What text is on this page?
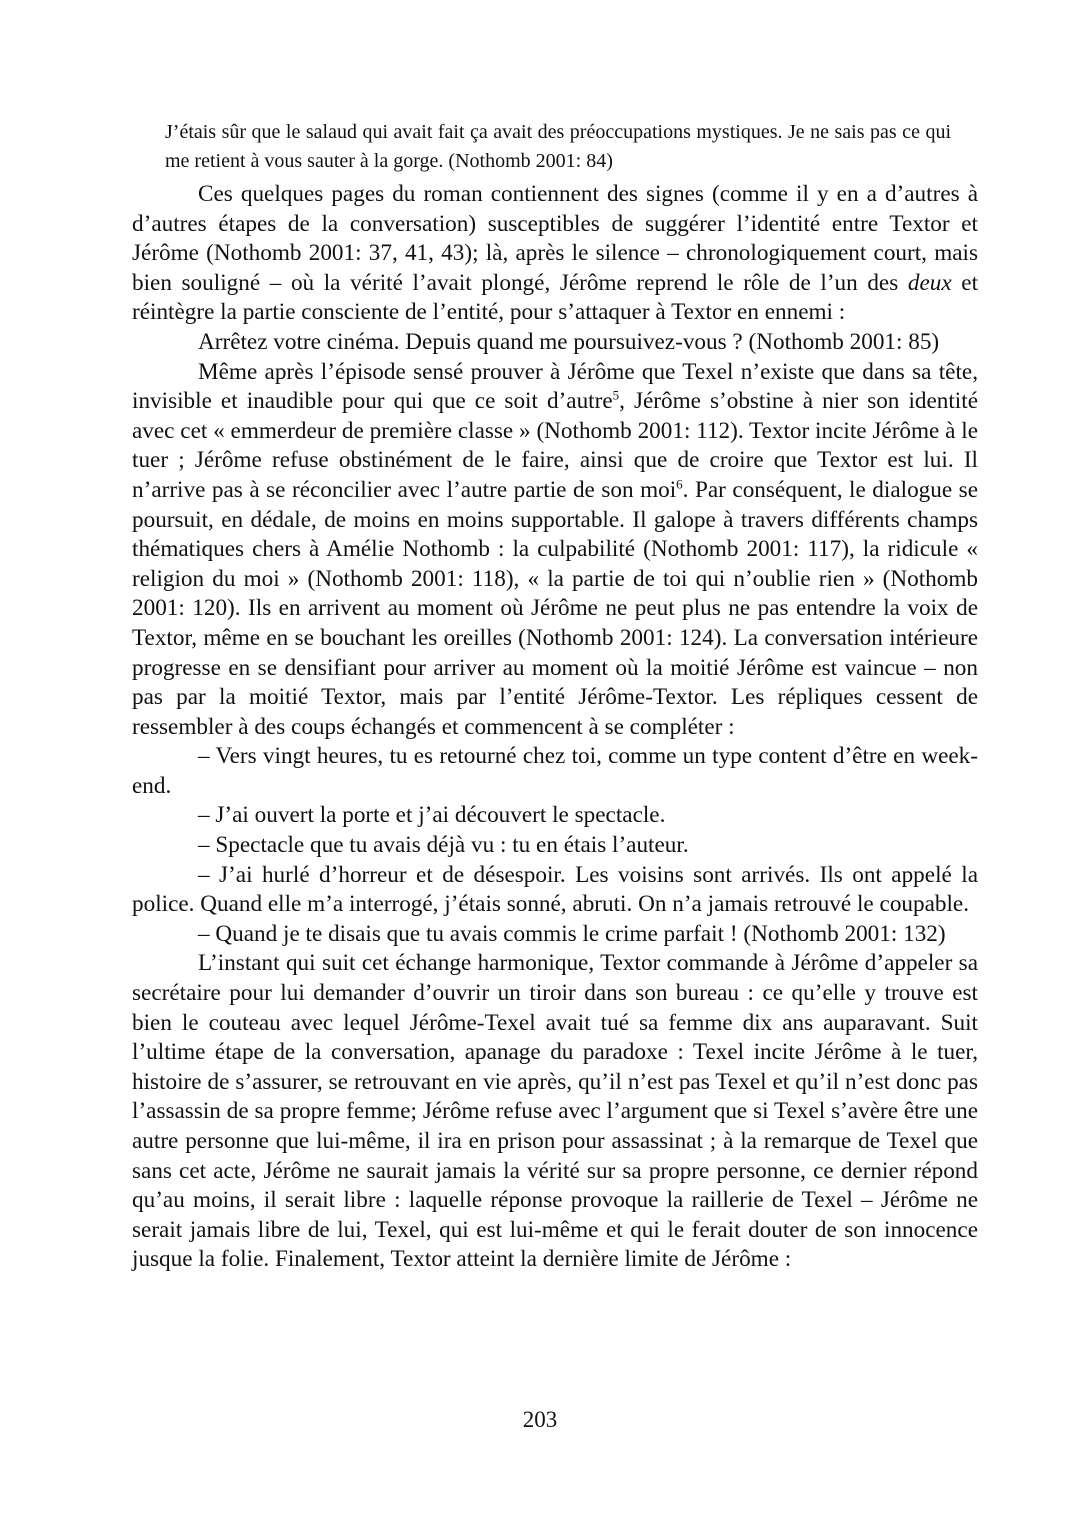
J’étais sûr que le salaud qui avait fait ça avait des préoccupations mystiques. Je ne sais pas ce qui me retient à vous sauter à la gorge. (Nothomb 2001: 84)

Ces quelques pages du roman contiennent des signes (comme il y en a d’autres à d’autres étapes de la conversation) susceptibles de suggérer l’identité entre Textor et Jérôme (Nothomb 2001: 37, 41, 43); là, après le silence – chronologiquement court, mais bien souligné – où la vérité l’avait plongé, Jérôme reprend le rôle de l’un des deux et réintègre la partie consciente de l’entité, pour s’attaquer à Textor en ennemi :

Arrêtez votre cinéma. Depuis quand me poursuivez-vous ? (Nothomb 2001: 85)

Même après l’épisode sensé prouver à Jérôme que Texel n’existe que dans sa tête, invisible et inaudible pour qui que ce soit d’autre$^5$, Jérôme s’obstine à nier son identité avec cet « emmerdeur de première classe » (Nothomb 2001: 112). Textor incite Jérôme à le tuer ; Jérôme refuse obstinément de le faire, ainsi que de croire que Textor est lui. Il n’arrive pas à se réconcilier avec l’autre partie de son moi$^6$. Par conséquent, le dialogue se poursuit, en dédale, de moins en moins supportable. Il galope à travers différents champs thématiques chers à Amélie Nothomb : la culpabilité (Nothomb 2001: 117), la ridicule « religion du moi » (Nothomb 2001: 118), « la partie de toi qui n’oublie rien » (Nothomb 2001: 120). Ils en arrivent au moment où Jérôme ne peut plus ne pas entendre la voix de Textor, même en se bouchant les oreilles (Nothomb 2001: 124). La conversation intérieure progresse en se densifiant pour arriver au moment où la moitié Jérôme est vaincue – non pas par la moitié Textor, mais par l’entité Jérôme-Textor. Les répliques cessent de ressembler à des coups échangés et commencent à se compléter :

– Vers vingt heures, tu es retourné chez toi, comme un type content d’être en week-end.

– J’ai ouvert la porte et j’ai découvert le spectacle.

– Spectacle que tu avais déjà vu : tu en étais l’auteur.

– J’ai hurlé d’horreur et de désespoir. Les voisins sont arrivés. Ils ont appelé la police. Quand elle m’a interrogé, j’étais sonné, abruti. On n’a jamais retrouvé le coupable.

– Quand je te disais que tu avais commis le crime parfait ! (Nothomb 2001: 132)

L’instant qui suit cet échange harmonique, Textor commande à Jérôme d’appeler sa secrétaire pour lui demander d’ouvrir un tiroir dans son bureau : ce qu’elle y trouve est bien le couteau avec lequel Jérôme-Texel avait tué sa femme dix ans auparavant. Suit l’ultime étape de la conversation, apanage du paradoxe : Texel incite Jérôme à le tuer, histoire de s’assurer, se retrouvant en vie après, qu’il n’est pas Texel et qu’il n’est donc pas l’assassin de sa propre femme; Jérôme refuse avec l’argument que si Texel s’avère être une autre personne que lui-même, il ira en prison pour assassinat ; à la remarque de Texel que sans cet acte, Jérôme ne saurait jamais la vérité sur sa propre personne, ce dernier répond qu’au moins, il serait libre : laquelle réponse provoque la raillerie de Texel – Jérôme ne serait jamais libre de lui, Texel, qui est lui-même et qui le ferait douter de son innocence jusque la folie. Finalement, Textor atteint la dernière limite de Jérôme :

203
